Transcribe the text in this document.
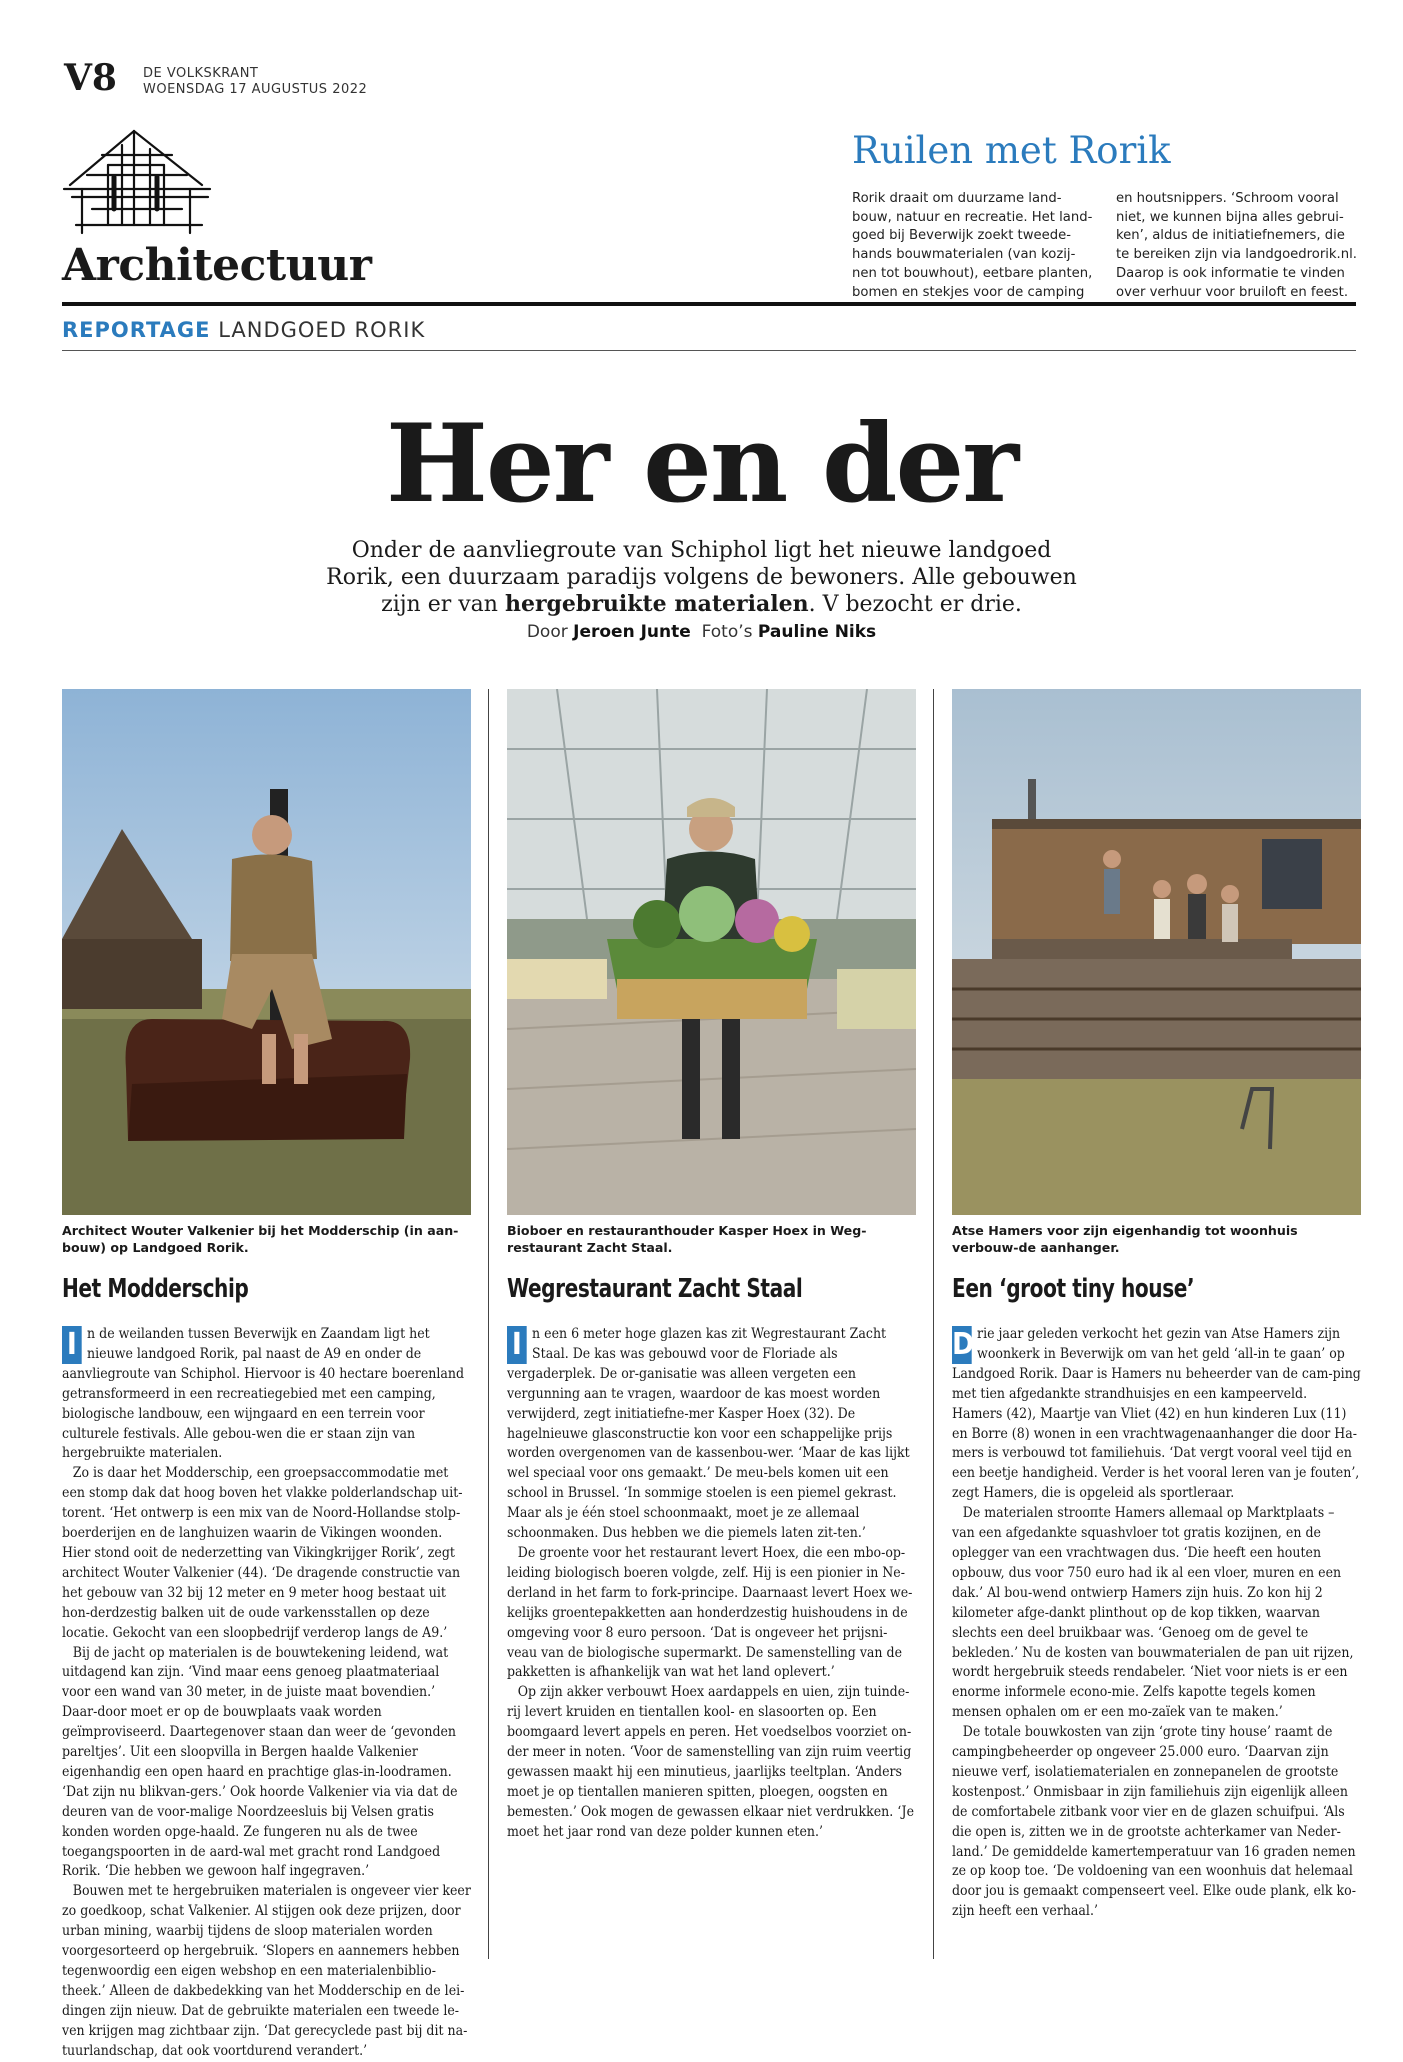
V8 DE VOLKSKRANT
WOENSDAG 17 AUGUSTUS 2022
Architectuur
REPORTAGE LANDGOED RORIK
Ruilen met Rorik
Rorik draait om duurzame land-bouw, natuur en recreatie. Het land-goed bij Beverwijk zoekt tweede-hands bouwmaterialen (van kozij-nen tot bouwhout), eetbare planten, bomen en stekjes voor de camping
en houtsnippers. ‘Schroom vooral niet, we kunnen bijna alles gebrui-ken’, aldus de initiatiefnemers, die te bereiken zijn via landgoedrorik.nl. Daarop is ook informatie te vinden over verhuur voor bruiloft en feest.
Her en der
Onder de aanvliegroute van Schiphol ligt het nieuwe landgoed Rorik, een duurzaam paradijs volgens de bewoners. Alle gebouwen zijn er van hergebruikte materialen. V bezocht er drie.
Door Jeroen Junte Foto’s Pauline Niks
Architect Wouter Valkenier bij het Modderschip (in aan-bouw) op Landgoed Rorik.
Bioboer en restauranthouder Kasper Hoex in Weg-restaurant Zacht Staal.
Atse Hamers voor zijn eigenhandig tot woonhuis verbouw-de aanhanger.
Het Modderschip	Wegrestaurant Zacht Staal	Een ‘groot tiny house’

I n de weilanden tussen Beverwijk en Zaandam ligt het nieuwe landgoed Rorik, pal naast de A9 en onder de aanvliegroute van Schiphol. Hiervoor is 40 hectare boerenland getransformeerd in een recreatiegebied met een camping, biologische landbouw, een wijngaard en een terrein voor culturele festivals. Alle gebou-wen die er staan zijn van hergebruikte materialen.

Zo is daar het Modderschip, een groepsaccommodatie met een stomp dak dat hoog boven het vlakke polderlandschap uit-torent. ‘Het ontwerp is een mix van de Noord-Hollandse stolp-boerderijen en de langhuizen waarin de Vikingen woonden. Hier stond ooit de nederzetting van Vikingkrijger Rorik’, zegt architect Wouter Valkenier (44). ‘De dragende constructie van het gebouw van 32 bij 12 meter en 9 meter hoog bestaat uit hon-derdzestig balken uit de oude varkensstallen op deze locatie. Gekocht van een sloopbedrijf verderop langs de A9.’

Bij de jacht op materialen is de bouwtekening leidend, wat uitdagend kan zijn. ‘Vind maar eens genoeg plaatmateriaal voor een wand van 30 meter, in de juiste maat bovendien.’ Daar-door moet er op de bouwplaats vaak worden geïmproviseerd. Daartegenover staan dan weer de ‘gevonden pareltjes’. Uit een sloopvilla in Bergen haalde Valkenier eigenhandig een open haard en prachtige glas-in-loodramen. ‘Dat zijn nu blikvan-gers.’ Ook hoorde Valkenier via via dat de deuren van de voor-malige Noordzeesluis bij Velsen gratis konden worden opge-haald. Ze fungeren nu als de twee toegangspoorten in de aard-wal met gracht rond Landgoed Rorik. ‘Die hebben we gewoon half ingegraven.’

Bouwen met te hergebruiken materialen is ongeveer vier keer zo goedkoop, schat Valkenier. Al stijgen ook deze prijzen, door urban mining, waarbij tijdens de sloop materialen worden voorgesorteerd op hergebruik. ‘Slopers en aannemers hebben tegenwoordig een eigen webshop en een materialenbiblio-theek.’ Alleen de dakbedekking van het Modderschip en de lei-dingen zijn nieuw. Dat de gebruikte materialen een tweede le-ven krijgen mag zichtbaar zijn. ‘Dat gerecyclede past bij dit na-tuurlandschap, dat ook voortdurend verandert.’

I n een 6 meter hoge glazen kas zit Wegrestaurant Zacht Staal. De kas was gebouwd voor de Floriade als vergaderplek. De or-ganisatie was alleen vergeten een vergunning aan te vragen, waardoor de kas moest worden verwijderd, zegt initiatiefne-mer Kasper Hoex (32). De hagelnieuwe glasconstructie kon voor een schappelijke prijs worden overgenomen van de kassenbou-wer. ‘Maar de kas lijkt wel speciaal voor ons gemaakt.’ De meu-bels komen uit een school in Brussel. ‘In sommige stoelen is een piemel gekrast. Maar als je één stoel schoonmaakt, moet je ze allemaal schoonmaken. Dus hebben we die piemels laten zit-ten.’

De groente voor het restaurant levert Hoex, die een mbo-op-leiding biologisch boeren volgde, zelf. Hij is een pionier in Ne-derland in het farm to fork-principe. Daarnaast levert Hoex we-kelijks groentepakketten aan honderdzestig huishoudens in de omgeving voor 8 euro persoon. ‘Dat is ongeveer het prijsni-veau van de biologische supermarkt. De samenstelling van de pakketten is afhankelijk van wat het land oplevert.’

Op zijn akker verbouwt Hoex aardappels en uien, zijn tuinde-rij levert kruiden en tientallen kool- en slasoorten op. Een boomgaard levert appels en peren. Het voedselbos voorziet on-der meer in noten. ‘Voor de samenstelling van zijn ruim veertig gewassen maakt hij een minutieus, jaarlijks teeltplan. ‘Anders moet je op tientallen manieren spitten, ploegen, oogsten en bemesten.’ Ook mogen de gewassen elkaar niet verdrukken. ‘Je moet het jaar rond van deze polder kunnen eten.’

D rie jaar geleden verkocht het gezin van Atse Hamers zijn woonkerk in Beverwijk om van het geld ‘all-in te gaan’ op Landgoed Rorik. Daar is Hamers nu beheerder van de cam-ping met tien afgedankte strandhuisjes en een kampeerveld. Hamers (42), Maartje van Vliet (42) en hun kinderen Lux (11) en Borre (8) wonen in een vrachtwagenaanhanger die door Ha-mers is verbouwd tot familiehuis. ‘Dat vergt vooral veel tijd en een beetje handigheid. Verder is het vooral leren van je fouten’, zegt Hamers, die is opgeleid als sportleraar.

De materialen strooпte Hamers allemaal op Marktplaats – van een afgedankte squashvloer tot gratis kozijnen, en de oplegger van een vrachtwagen dus. ‘Die heeft een houten opbouw, dus voor 750 euro had ik al een vloer, muren en een dak.’ Al bou-wend ontwierp Hamers zijn huis. Zo kon hij 2 kilometer afge-dankt plinthout op de kop tikken, waarvan slechts een deel bruikbaar was. ‘Genoeg om de gevel te bekleden.’ Nu de kosten van bouwmaterialen de pan uit rijzen, wordt hergebruik steeds rendabeler. ‘Niet voor niets is er een enorme informele econo-mie. Zelfs kapotte tegels komen mensen ophalen om er een mo-zaïek van te maken.’

De totale bouwkosten van zijn ‘grote tiny house’ raamt de campingbeheerder op ongeveer 25.000 euro. ‘Daarvan zijn nieuwe verf, isolatiematerialen en zonnepanelen de grootste kostenpost.’ Onmisbaar in zijn familiehuis zijn eigenlijk alleen de comfortabele zitbank voor vier en de glazen schuifpui. ‘Als die open is, zitten we in de grootste achterkamer van Neder-land.’ De gemiddelde kamertemperatuur van 16 graden nemen ze op koop toe. ‘De voldoening van een woonhuis dat helemaal door jou is gemaakt compenseert veel. Elke oude plank, elk ko-zijn heeft een verhaal.’
